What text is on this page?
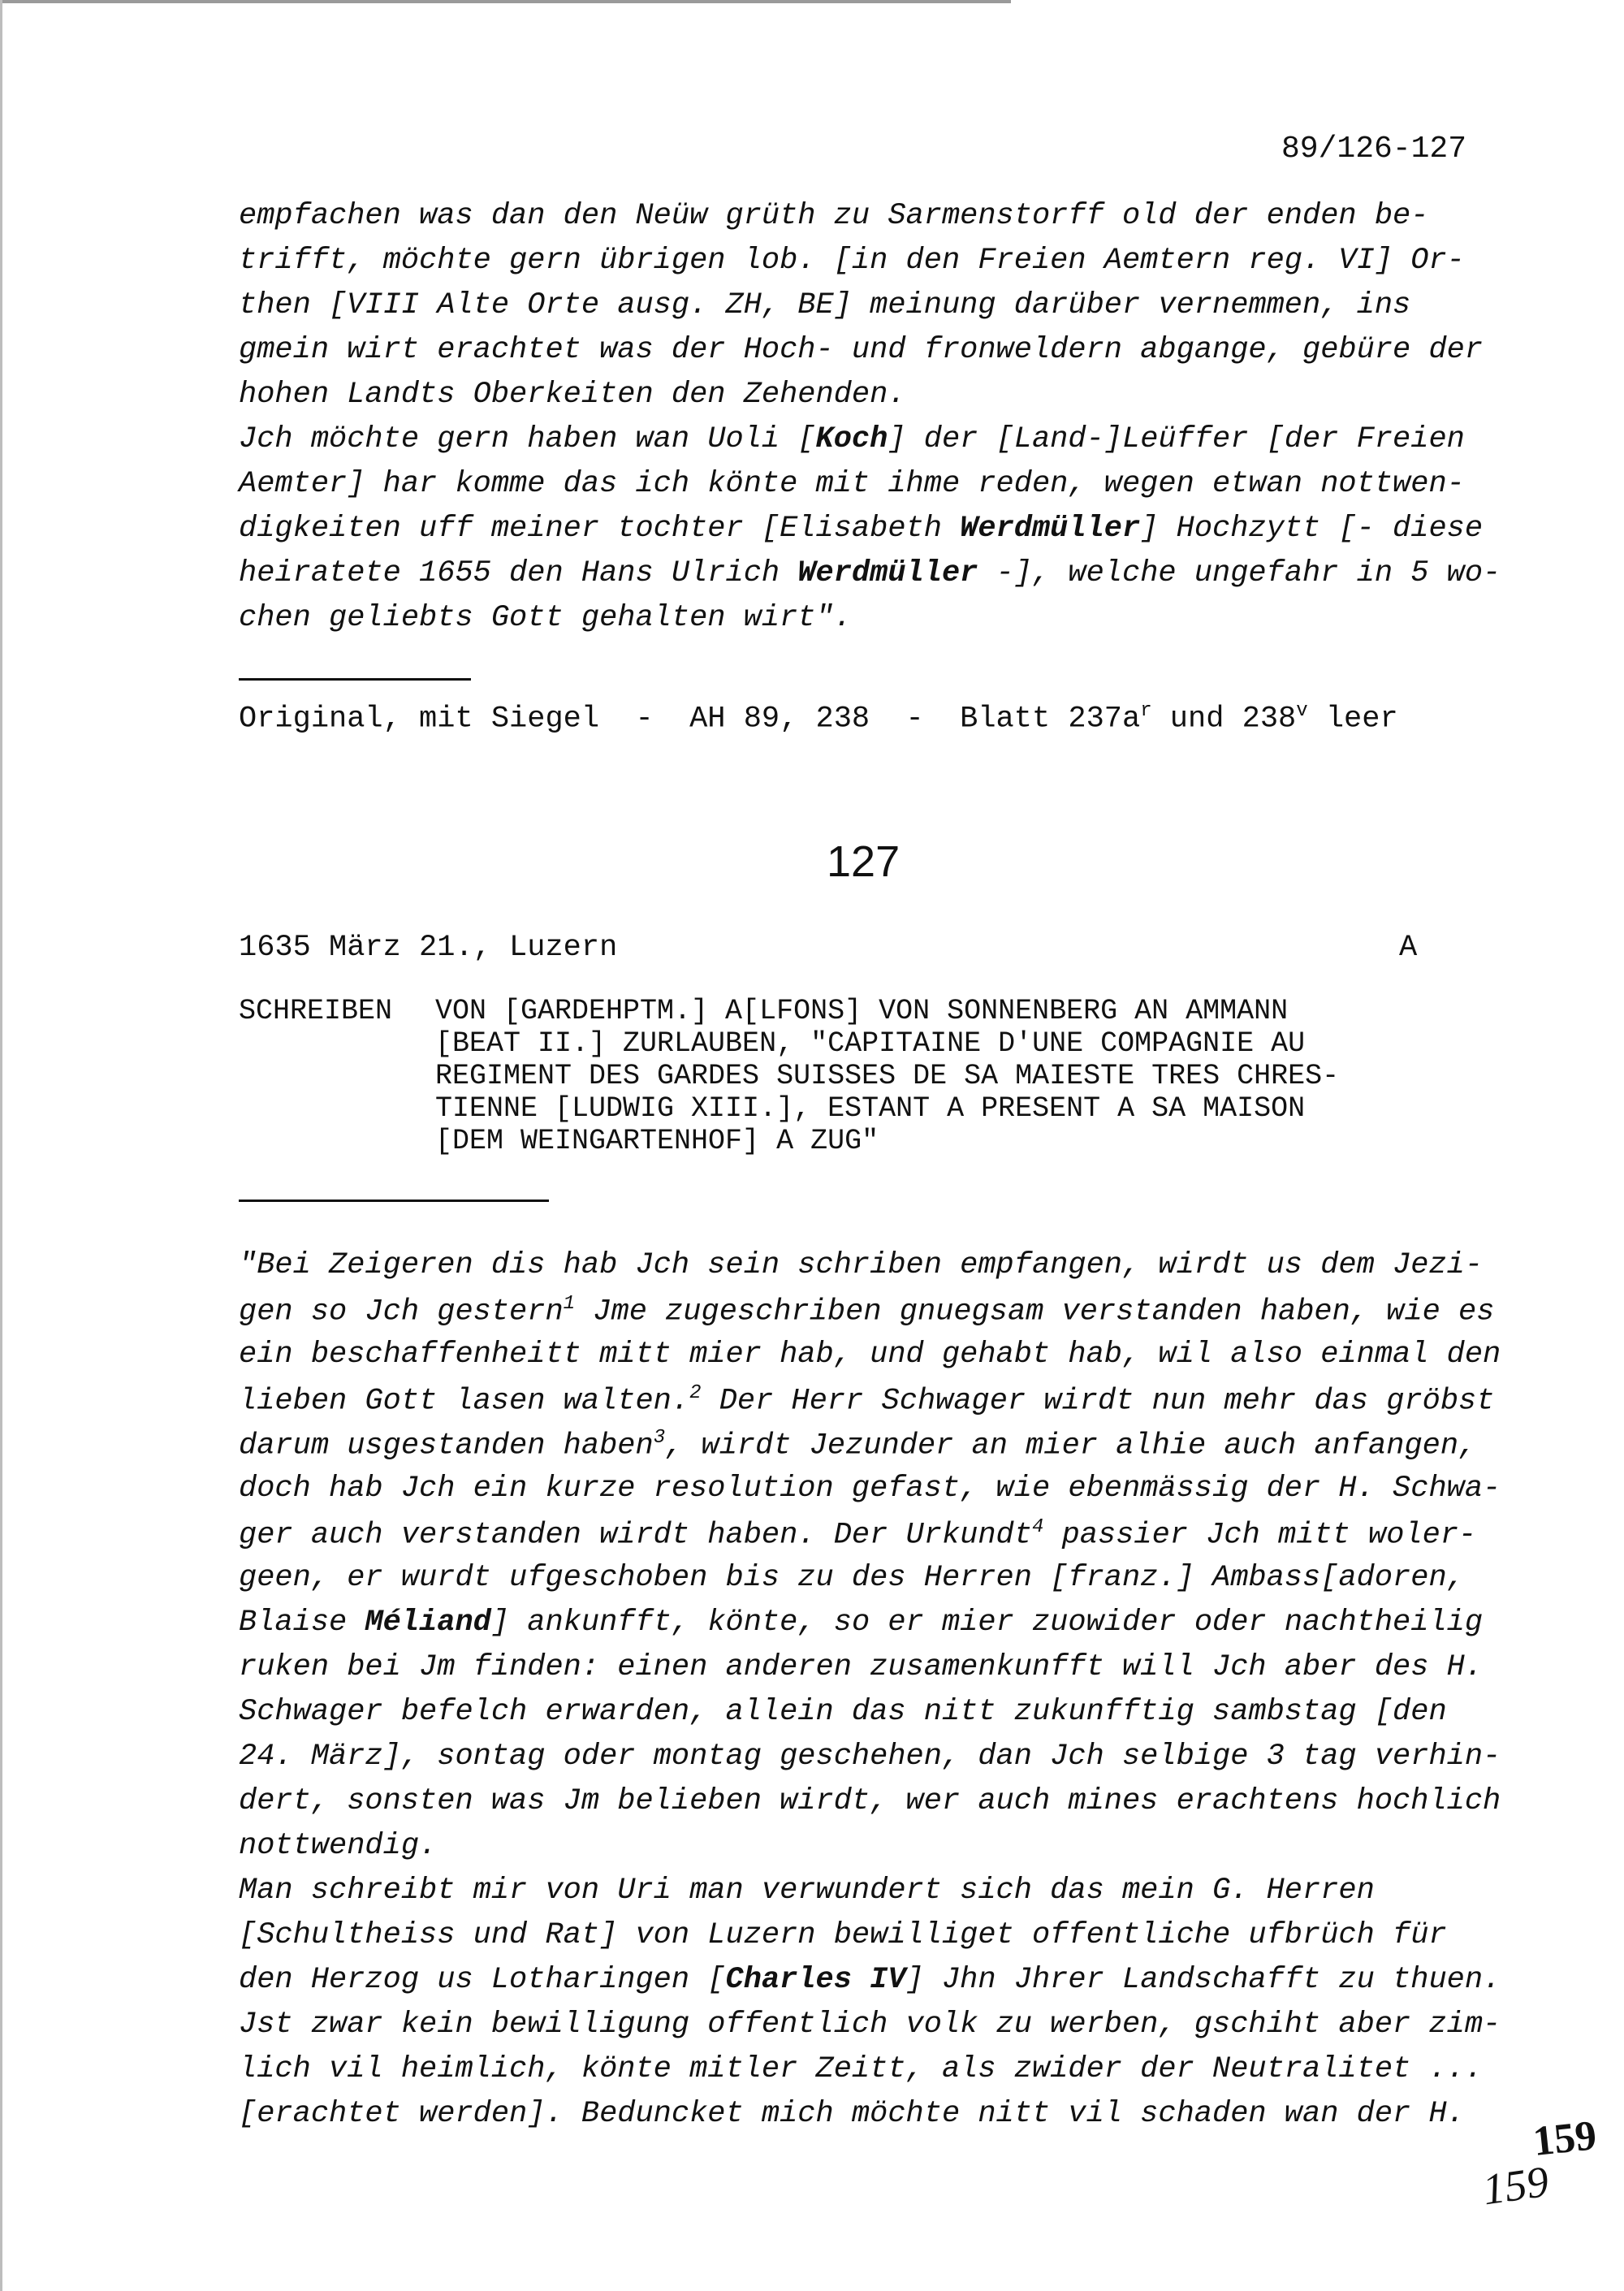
89/126-127
empfachen was dan den Neüw grüth zu Sarmenstorff old der enden be-
trifft, möchte gern übrigen lob. [in den Freien Aemtern reg. VI] Or-
then [VIII Alte Orte ausg. ZH, BE] meinung darüber vernemmen, ins
gmein wirt erachtet was der Hoch- und fronweldern abgange, gebüre der
hohen Landts Oberkeiten den Zehenden.
Jch möchte gern haben wan Uoli [Koch] der [Land-]Leüffer [der Freien
Aemter] har komme das ich könte mit ihme reden, wegen etwan nottwen-
digkeiten uff meiner tochter [Elisabeth Werdmüller] Hochzytt [- diese
heiratete 1655 den Hans Ulrich Werdmüller -], welche ungefahr in 5 wo-
chen geliebts Gott gehalten wirt".
Original, mit Siegel  -  AH 89, 238  -  Blatt $237a^r$ und 238$^v$ leer
127
1635 März 21., Luzern	A
SCHREIBEN VON [GARDEHPTM.] A[LFONS] VON SONNENBERG AN AMMANN
[BEAT II.] ZURLAUBEN, "CAPITAINE D'UNE COMPAGNIE AU
REGIMENT DES GARDES SUISSES DE SA MAIESTE TRES CHRES-
TIENNE [LUDWIG XIII.], ESTANT A PRESENT A SA MAISON
[DEM WEINGARTENHOF] A ZUG"
"Bei Zeigeren dis hab Jch sein schriben empfangen, wirdt us dem Jezi-
gen so Jch gestern$^1$ Jme zugeschriben gnuegsam verstanden haben, wie es
ein beschaffenheitt mitt mier hab, und gehabt hab, wil also einmal den
lieben Gott lasen walten.$^2$ Der Herr Schwager wirdt nun mehr das gröbst
darum usgestanden haben$^3$, wirdt Jezunder an mier alhie auch anfangen,
doch hab Jch ein kurze resolution gefast, wie ebenmässig der H. Schwa-
ger auch verstanden wirdt haben. Der Urkundt$^4$ passier Jch mitt woler-
geen, er wurdt ufgeschoben bis zu des Herren [franz.] Ambass[adoren,
Blaise Méliand] ankunfft, könte, so er mier zuowider oder nachtheilig
ruken bei Jm finden: einen anderen zusamenkunfft will Jch aber des H.
Schwager befelch erwarden, allein das nitt zukunfftig sambstag [den
24. März], sontag oder montag geschehen, dan Jch selbige 3 tag verhin-
dert, sonsten was Jm belieben wirdt, wer auch mines erachtens hochlich
nottwendig.
Man schreibt mir von Uri man verwundert sich das mein G. Herren
[Schultheiss und Rat] von Luzern bewilliget offentliche ufbrüch für
den Herzog us Lotharingen [Charles IV] Jhn Jhrer Landschafft zu thuen.
Jst zwar kein bewilligung offentlich volk zu werben, gschiht aber zim-
lich vil heimlich, könte mitler Zeitt, als zwider der Neutralitet ...
[erachtet werden]. Beduncket mich möchte nitt vil schaden wan der H. 159
159
